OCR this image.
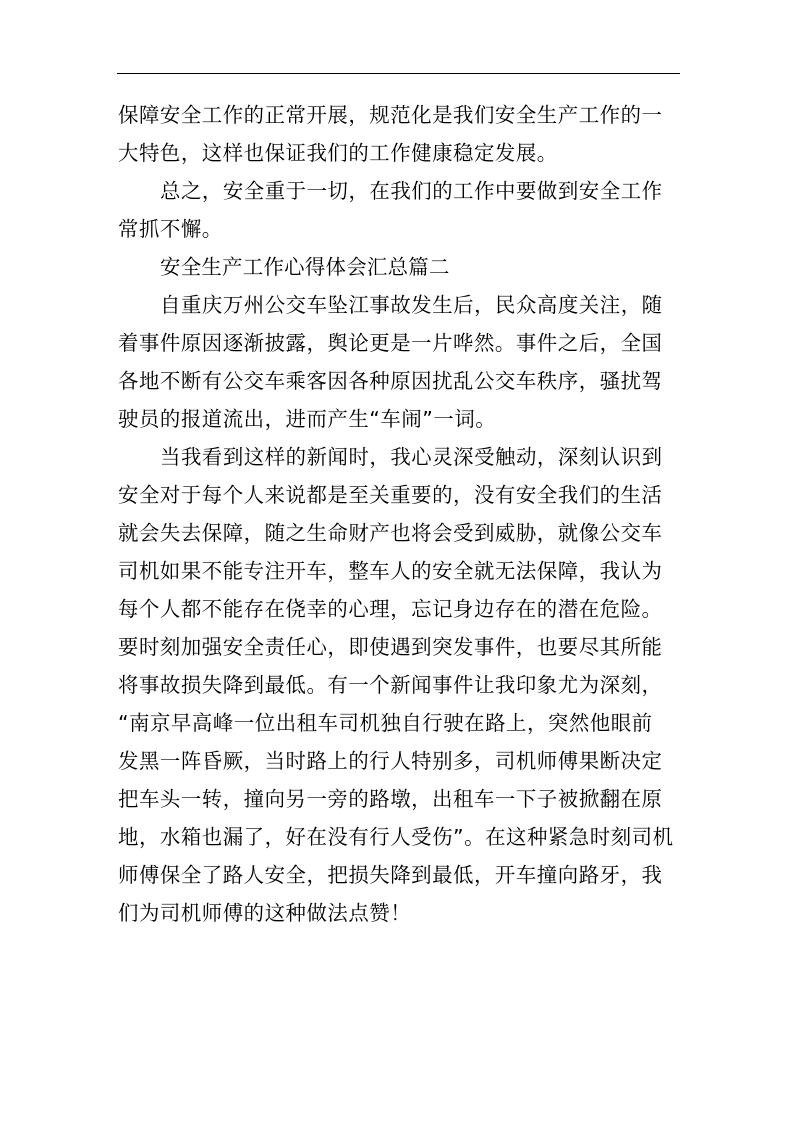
保障安全工作的正常开展，规范化是我们安全生产工作的一
大特色，这样也保证我们的工作健康稳定发展。
总之，安全重于一切，在我们的工作中要做到安全工作
常抓不懈。
安全生产工作心得体会汇总篇二
自重庆万州公交车坠江事故发生后，民众高度关注，随
着事件原因逐渐披露，舆论更是一片哗然。事件之后，全国
各地不断有公交车乘客因各种原因扰乱公交车秩序，骚扰驾
驶员的报道流出，进而产生“车闹”一词。
当我看到这样的新闻时，我心灵深受触动，深刻认识到
安全对于每个人来说都是至关重要的，没有安全我们的生活
就会失去保障，随之生命财产也将会受到威胁，就像公交车
司机如果不能专注开车，整车人的安全就无法保障，我认为
每个人都不能存在侥幸的心理，忘记身边存在的潜在危险。
要时刻加强安全责任心，即使遇到突发事件，也要尽其所能
将事故损失降到最低。有一个新闻事件让我印象尤为深刻，
“南京早高峰一位出租车司机独自行驶在路上，突然他眼前
发黑一阵昏厥，当时路上的行人特别多，司机师傅果断决定
把车头一转，撞向另一旁的路墩，出租车一下子被掀翻在原
地，水箱也漏了，好在没有行人受伤”。在这种紧急时刻司机
师傅保全了路人安全，把损失降到最低，开车撞向路牙，我
们为司机师傅的这种做法点赞！
